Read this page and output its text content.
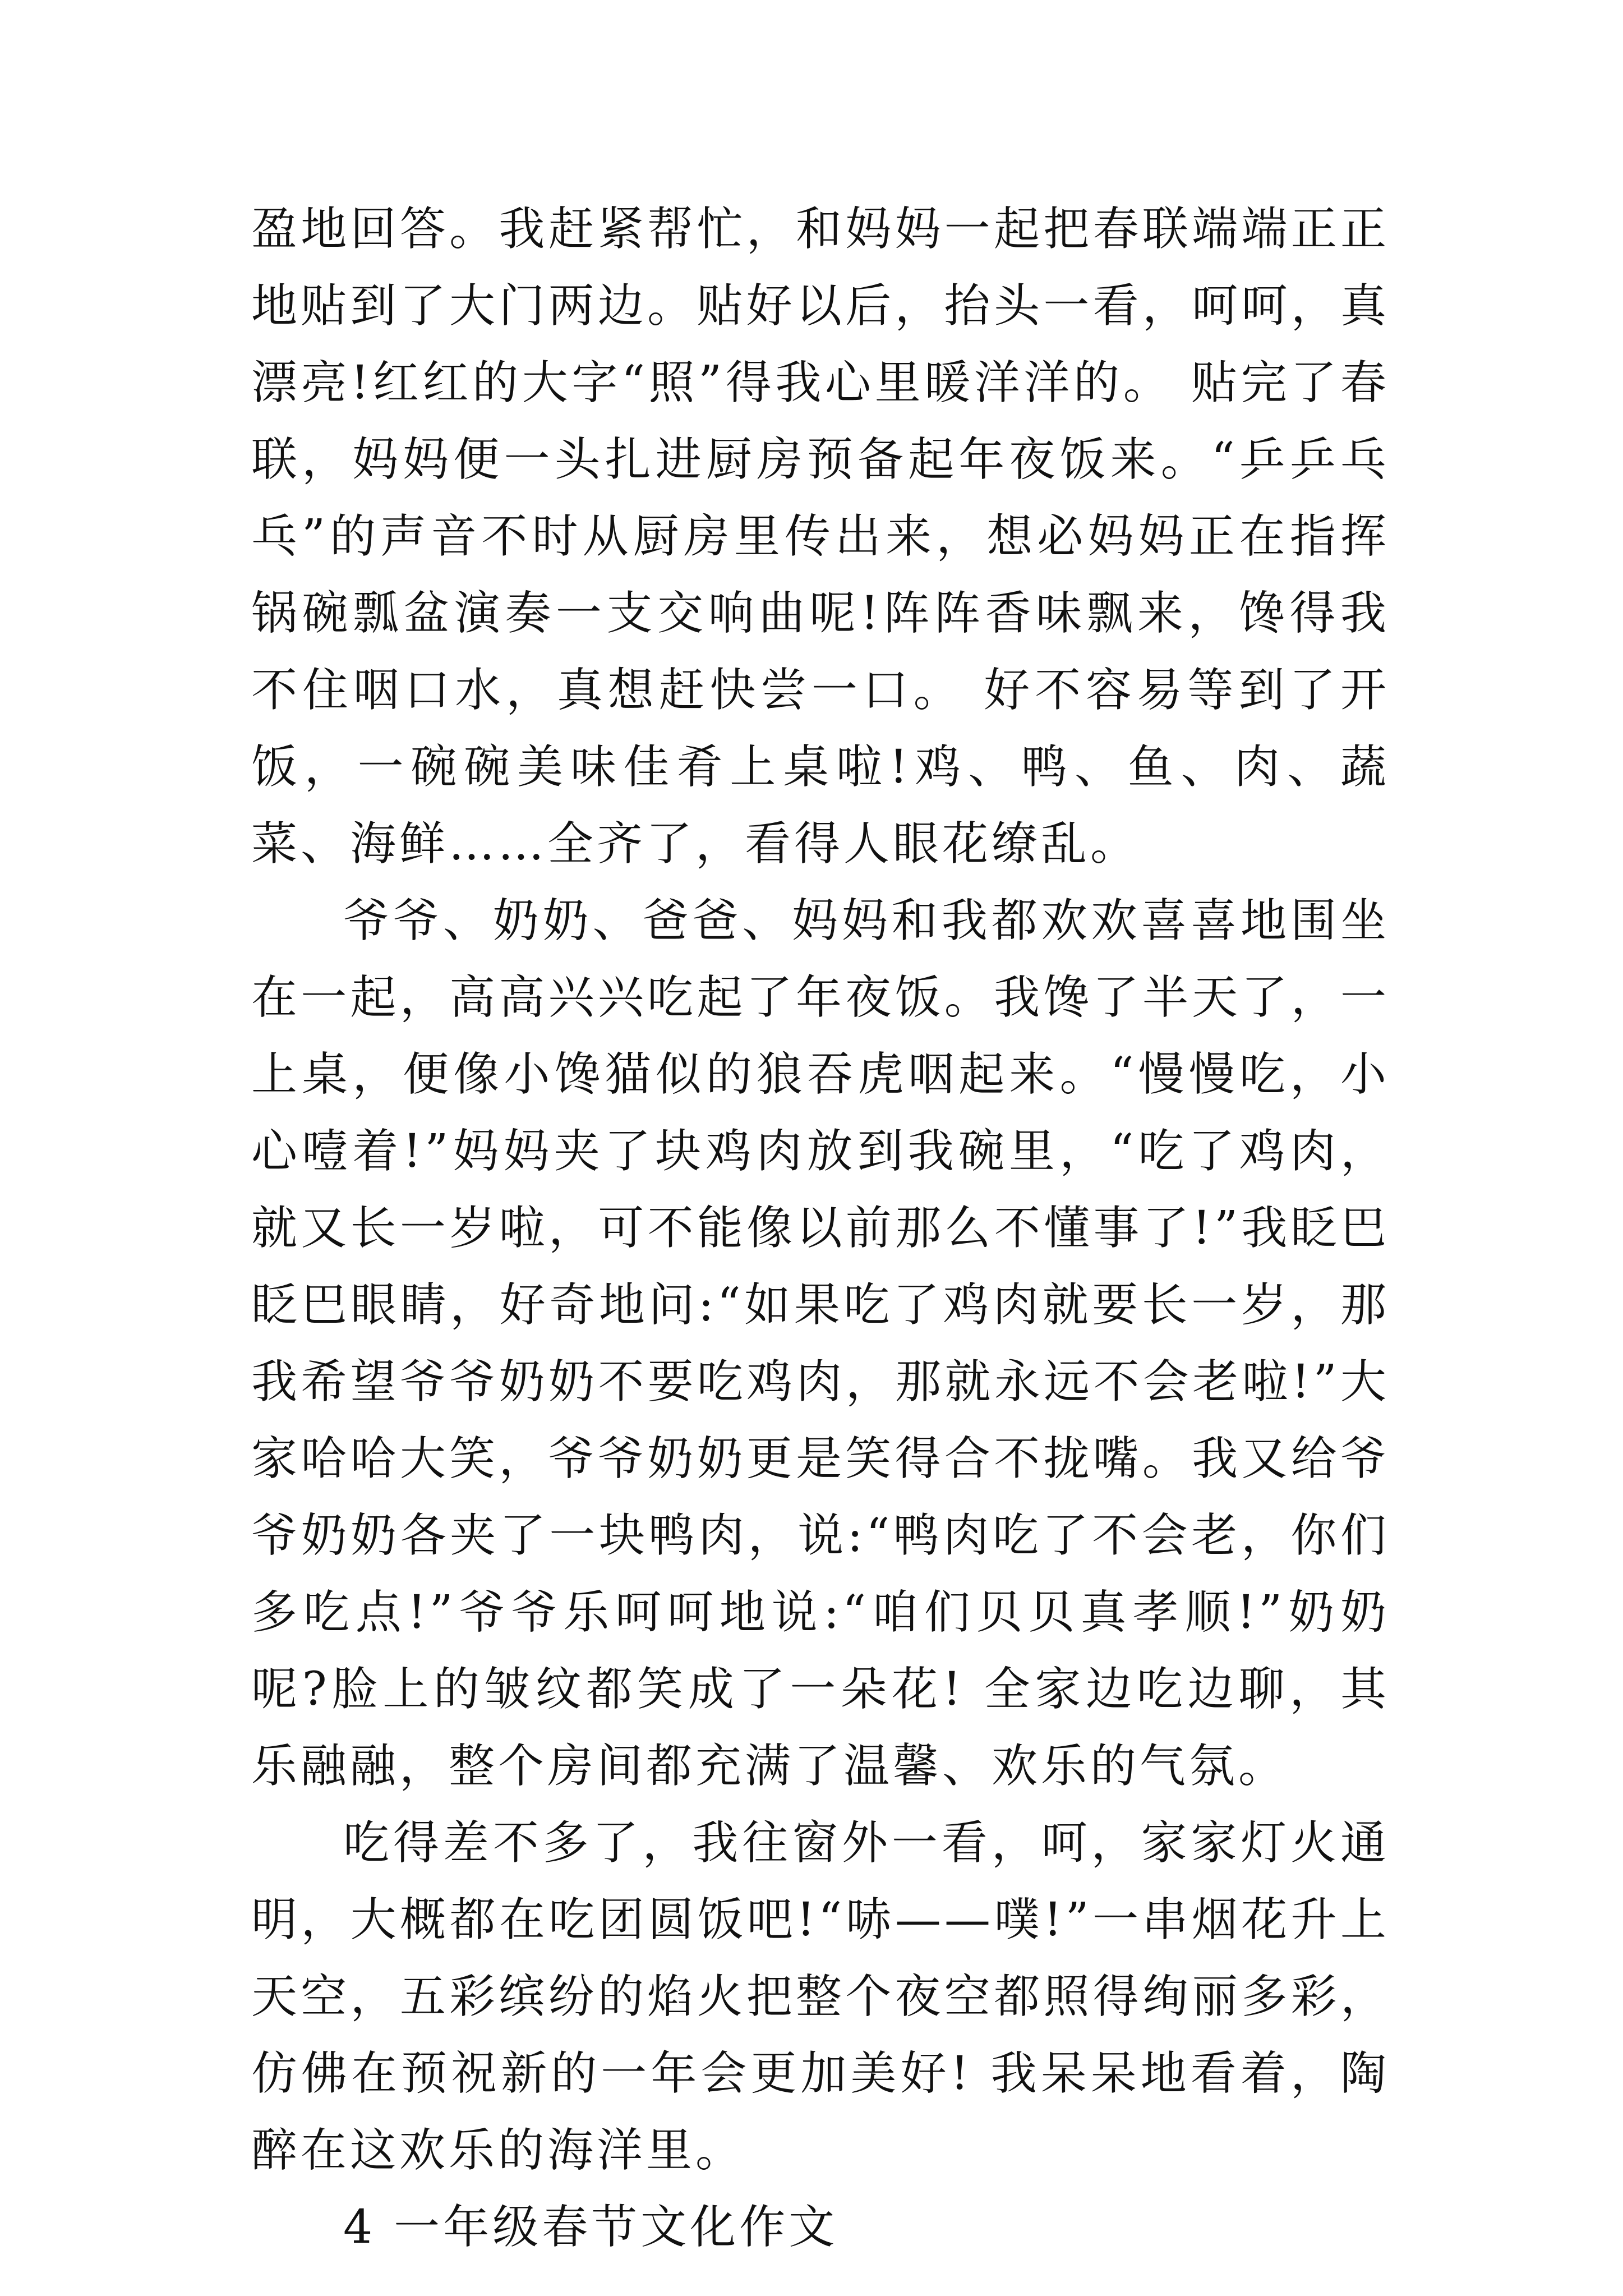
盈地回答。我赶紧帮忙，和妈妈一起把春联端端正正地贴到了大门两边。贴好以后，抬头一看，呵呵，真漂亮!红红的大字“照”得我心里暖洋洋的。 贴完了春联，妈妈便一头扎进厨房预备起年夜饭来。“乒乒乓乓”的声音不时从厨房里传出来，想必妈妈正在指挥锅碗瓢盆演奏一支交响曲呢!阵阵香味飘来，馋得我不住咽口水，真想赶快尝一口。 好不容易等到了开饭，一碗碗美味佳肴上桌啦!鸡、鸭、鱼、肉、蔬菜、海鲜……全齐了，看得人眼花缭乱。

爷爷、奶奶、爸爸、妈妈和我都欢欢喜喜地围坐在一起，高高兴兴吃起了年夜饭。我馋了半天了，一上桌，便像小馋猫似的狼吞虎咽起来。“慢慢吃，小心噎着!”妈妈夹了块鸡肉放到我碗里，“吃了鸡肉，就又长一岁啦，可不能像以前那么不懂事了!”我眨巴眨巴眼睛，好奇地问:“如果吃了鸡肉就要长一岁，那我希望爷爷奶奶不要吃鸡肉，那就永远不会老啦!”大家哈哈大笑，爷爷奶奶更是笑得合不拢嘴。我又给爷爷奶奶各夹了一块鸭肉，说:“鸭肉吃了不会老，你们多吃点!”爷爷乐呵呵地说:“咱们贝贝真孝顺!”奶奶呢?脸上的皱纹都笑成了一朵花! 全家边吃边聊，其乐融融，整个房间都充满了温馨、欢乐的气氛。

吃得差不多了，我往窗外一看，呵，家家灯火通明，大概都在吃团圆饭吧!“哧——噗!”一串烟花升上天空，五彩缤纷的焰火把整个夜空都照得绚丽多彩，仿佛在预祝新的一年会更加美好! 我呆呆地看着，陶醉在这欢乐的海洋里。

4 一年级春节文化作文
